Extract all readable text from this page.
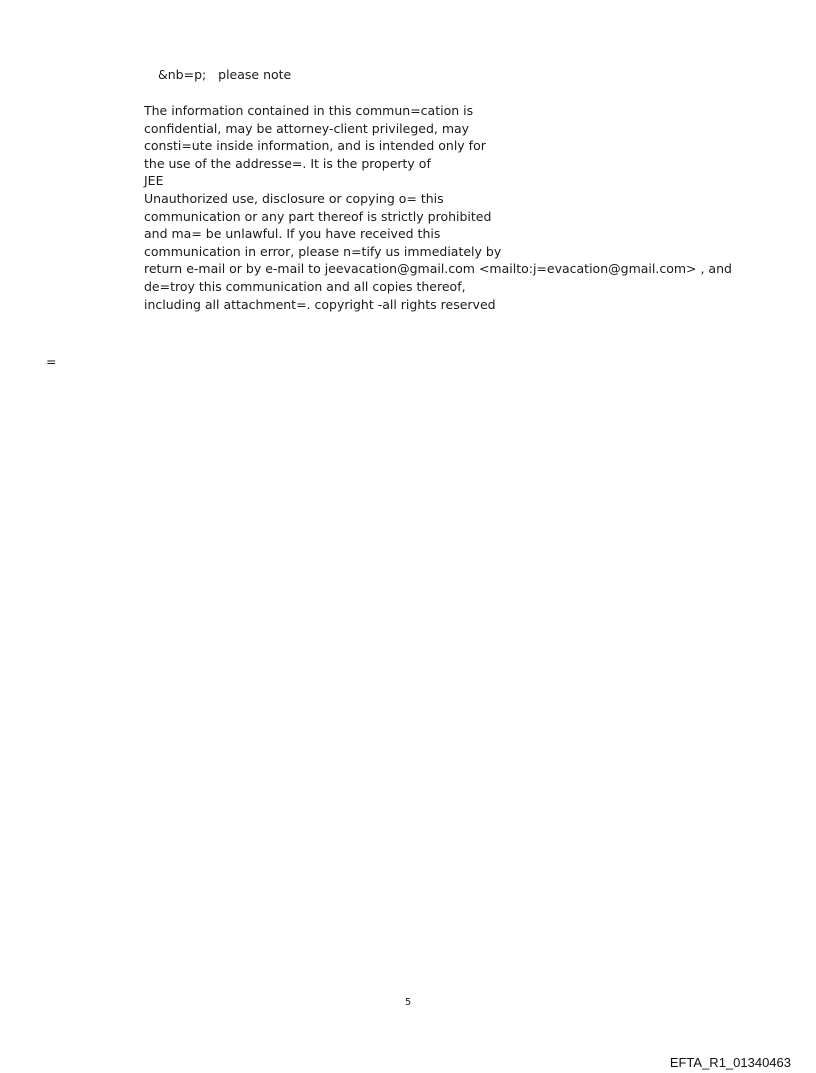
&nb=p;   please note
The information contained in this commun=cation is
confidential, may be attorney-client privileged, may
consti=ute inside information, and is intended only for
the use of the addresse=. It is the property of
JEE
Unauthorized use, disclosure or copying o= this
communication or any part thereof is strictly prohibited
and ma= be unlawful. If you have received this
communication in error, please n=tify us immediately by
return e-mail or by e-mail to jeevacation@gmail.com <mailto:j=evacation@gmail.com> , and
de=troy this communication and all copies thereof,
including all attachment=. copyright -all rights reserved
=
5
EFTA_R1_01340463
